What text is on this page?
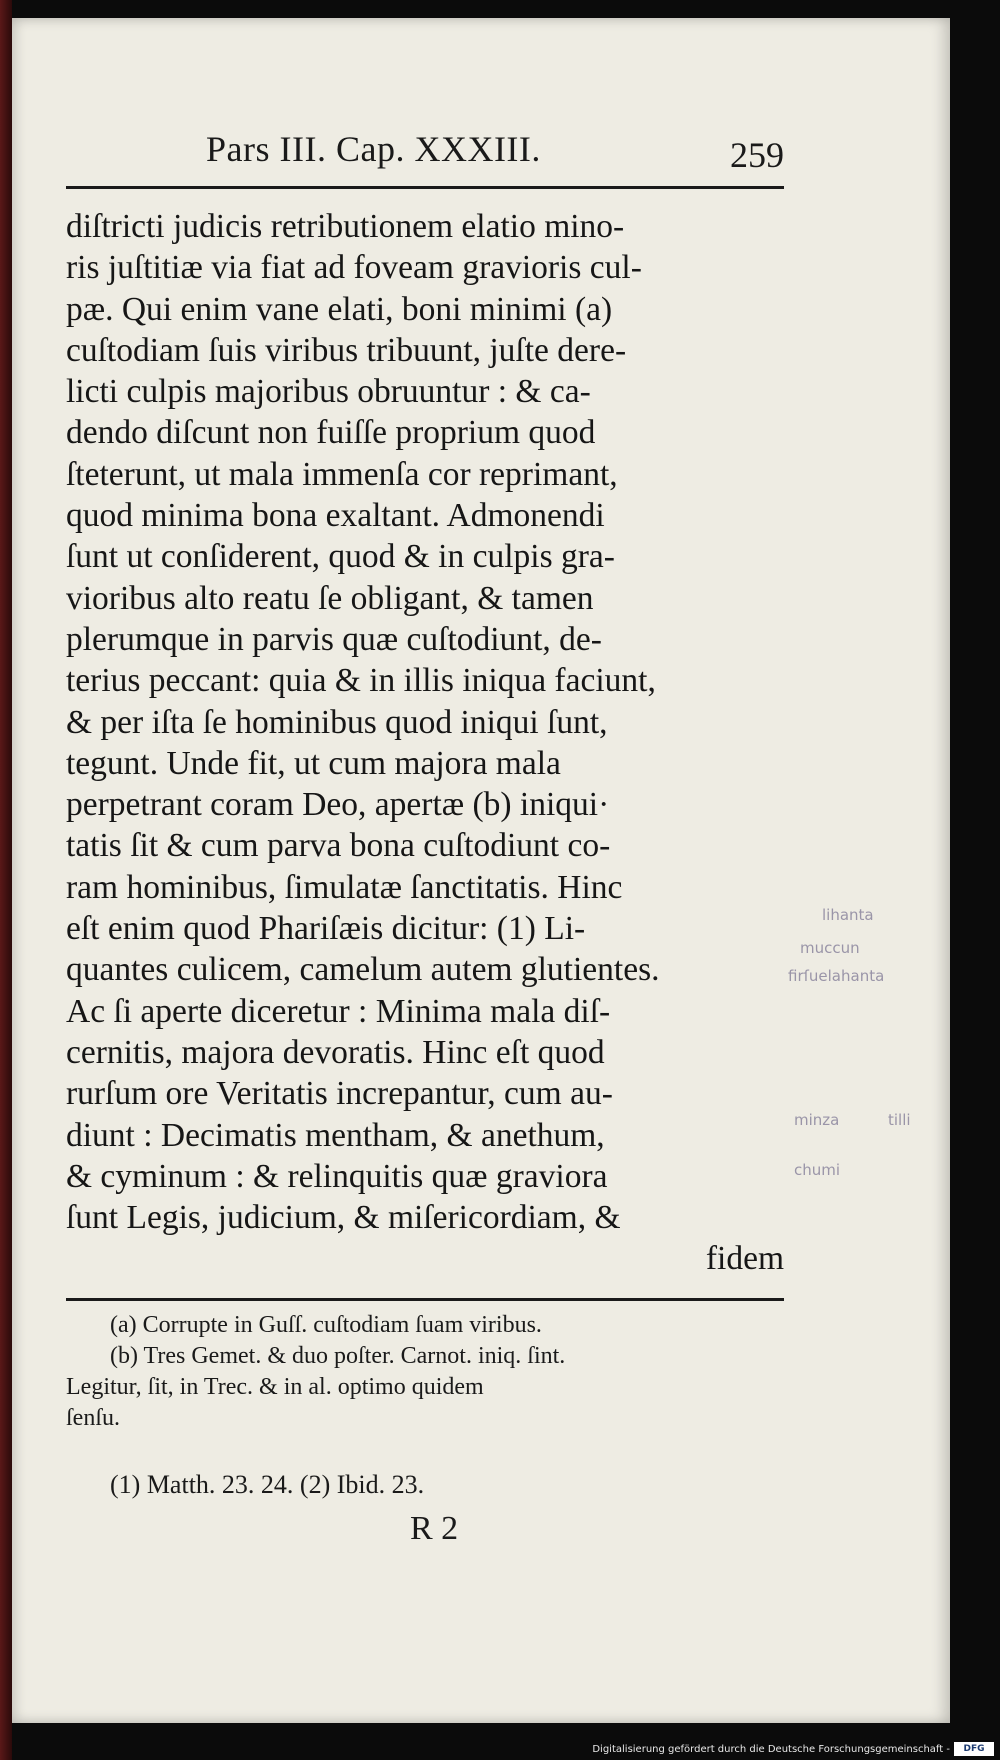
Pars III. Cap. XXXIII.	259
diſtricti judicis retributionem elatio mino-
ris juſtitiæ via fiat ad foveam gravioris cul-
pæ. Qui enim vane elati, boni minimi (a)
cuſtodiam ſuis viribus tribuunt, juſte dere-
licti culpis majoribus obruuntur : & ca-
dendo diſcunt non fuiſſe proprium quod
ſteterunt, ut mala immenſa cor reprimant,
quod minima bona exaltant. Admonendi
ſunt ut conſiderent, quod & in culpis gra-
vioribus alto reatu ſe obligant, & tamen
plerumque in parvis quæ cuſtodiunt, de-
terius peccant: quia & in illis iniqua faciunt,
& per iſta ſe hominibus quod iniqui ſunt,
tegunt. Unde fit, ut cum majora mala
perpetrant coram Deo, apertæ (b) iniqui·
tatis ſit & cum parva bona cuſtodiunt co-
ram hominibus, ſimulatæ ſanctitatis. Hinc
eſt enim quod Phariſæis dicitur: (1) Li-
quantes culicem, camelum autem glutientes.
Ac ſi aperte diceretur : Minima mala diſ-
cernitis, majora devoratis. Hinc eſt quod
rurſum ore Veritatis increpantur, cum au-
diunt : Decimatis mentham, & anethum,
& cyminum : & relinquitis quæ graviora
ſunt Legis, judicium, & miſericordiam, &
fidem
(a) Corrupte in Guſſ. cuſtodiam ſuam viribus.
(b) Tres Gemet. & duo poſter. Carnot. iniq. ſint.
Legitur, ſit, in Trec. & in al. optimo quidem
ſenſu.
(1) Matth. 23. 24. (2) Ibid. 23.
R 2
lihanta
muccun
firſuelahanta
minza	tilli
chumi
Digitalisierung gefördert durch die Deutsche Forschungsgemeinschaft -	DFG
